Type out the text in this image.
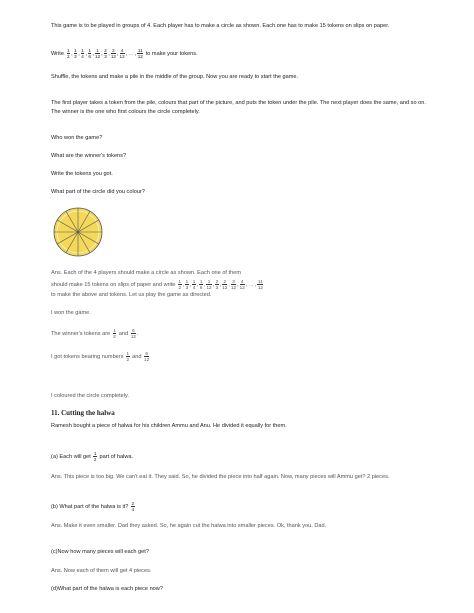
This game is to be played in groups of 4. Each player has to make a circle as shown. Each one has to make 15 tokens on slips on paper.

Write $\frac{1}{2}$ , $\frac{1}{3}$ , $\frac{1}{4}$ , $\frac{1}{6}$ , $\frac{1}{12}$ , $\frac{2}{3}$ , $\frac{2}{12}$ , $\frac{4}{12}$ , … , $\frac{11}{12}$ to make your tokens.

Shuffle, the tokens and make a pile in the middle of the group. Now you are ready to start the game.

The first player takes a token from the pile, colours that part of the picture, and puts the token under the pile. The next player does the same, and so on. The winner is the one who first colours the circle completely.

Who won the game?

What are the winner's tokens?

Write the tokens you got.

What part of the circle did you colour?

Ans. Each of the 4 players should make a circle as shown. Each one of them

should make 15 tokens on slips of paper and write $\frac{1}{2}$ , $\frac{1}{3}$ , $\frac{1}{4}$ , $\frac{1}{6}$ , $\frac{1}{12}$ , $\frac{2}{3}$ , $\frac{2}{12}$ , $\frac{3}{12}$ , $\frac{4}{12}$ , … , $\frac{11}{12}$

to make the above and tokens. Let us play the game as directed.

I won the game.

The winner's tokens are $\frac{1}{2}$ and $\frac{6}{12}$ .

I got tokens bearing numbers $\frac{1}{2}$ and $\frac{6}{12}$

I coloured the circle completely.

11. Cutting the halwa

Ramesh bought a piece of halwa for his children Ammu and Anu. He divided it equally for them.

(a) Each will get $\frac{1}{2}$ part of halwa.

Ans. This piece is too big. We can't eat it. They said. So, he divided the piece into half again. Now, many pieces will Ammu get? 2 pieces.

(b) What part of the halwa is it? $\frac{2}{4}$

Ans. Make it even smaller. Dad they asked. So, he again cut the halwa into smaller pieces. Ok, thank you. Dad.

(c)Now how many pieces will each get?

Ans. Now each of them will get 4 pieces.

(d)What part of the halwa is each piece now?
